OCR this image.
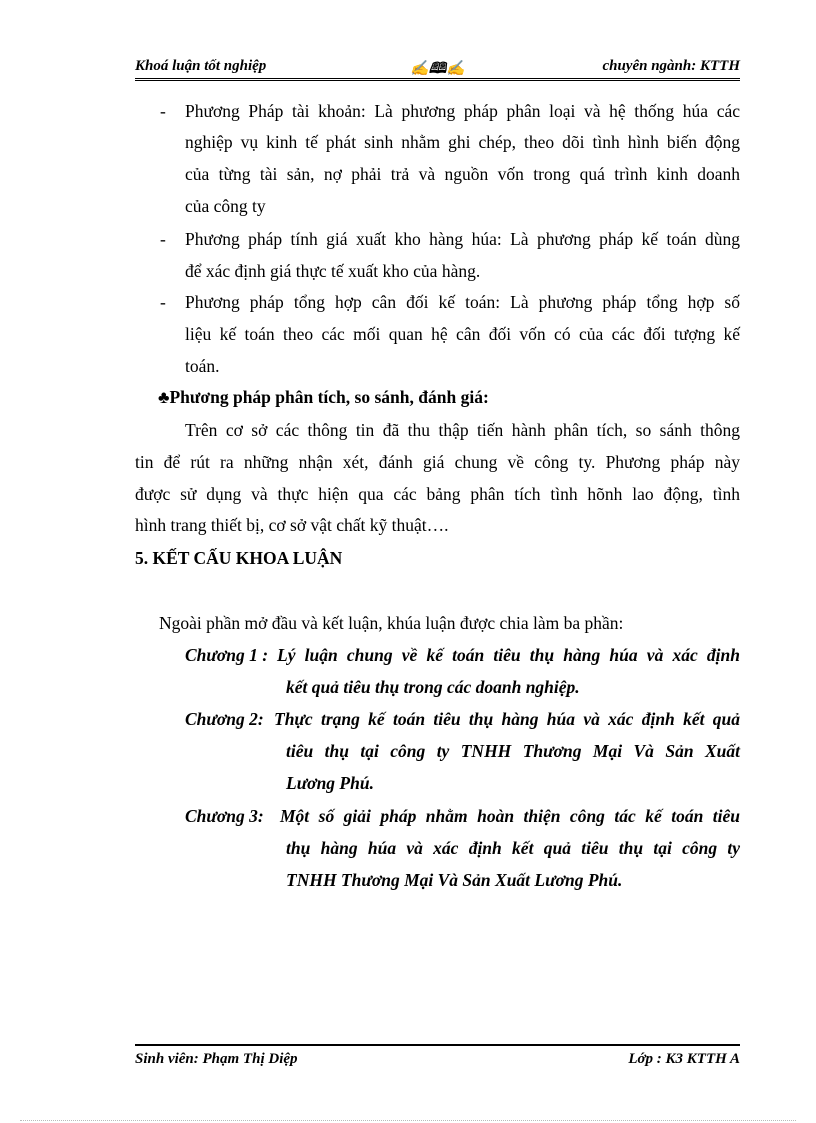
Khoá luận tốt nghiệp	✍🕮✍	chuyên ngành: KTTH
- Phương Pháp tài khoản: Là phương pháp phân loại và hệ thống húa các
nghiệp vụ kinh tế phát sinh nhằm ghi chép, theo dõi tình hình biến động
của từng tài sản, nợ phải trả và nguồn vốn trong quá trình kinh doanh
của công ty
- Phương pháp tính giá xuất kho hàng húa: Là phương pháp kế toán dùng
để xác định giá thực tế xuất kho của hàng.
- Phương pháp tổng hợp cân đối kế toán: Là phương pháp tổng hợp số
liệu kế toán theo các mối quan hệ cân đối vốn có của các đối tượng kế
toán.
♣Phương pháp phân tích, so sánh, đánh giá:
Trên cơ sở các thông tin đã thu thập tiến hành phân tích, so sánh thông
tin để rút ra những nhận xét, đánh giá chung về công ty. Phương pháp này
được sử dụng và thực hiện qua các bảng phân tích tình hõnh lao động, tình
hình trang thiết bị, cơ sở vật chất kỹ thuật….
5. KẾT CẤU KHOA LUẬN
Ngoài phần mở đầu và kết luận, khúa luận được chia làm ba phần:
Chương 1 : Lý luận chung về kế toán tiêu thụ hàng húa và xác định
kết quả tiêu thụ trong các doanh nghiệp.
Chương 2: Thực trạng kế toán tiêu thụ hàng húa và xác định kết quả
tiêu thụ tại công ty TNHH Thương Mại Và Sản Xuất
Lương Phú.
Chương 3: Một số giải pháp nhằm hoàn thiện công tác kế toán tiêu
thụ hàng húa và xác định kết quả tiêu thụ tại công ty
TNHH Thương Mại Và Sản Xuất Lương Phú.
Sinh viên: Phạm Thị Diệp	Lớp : K3 KTTH A
